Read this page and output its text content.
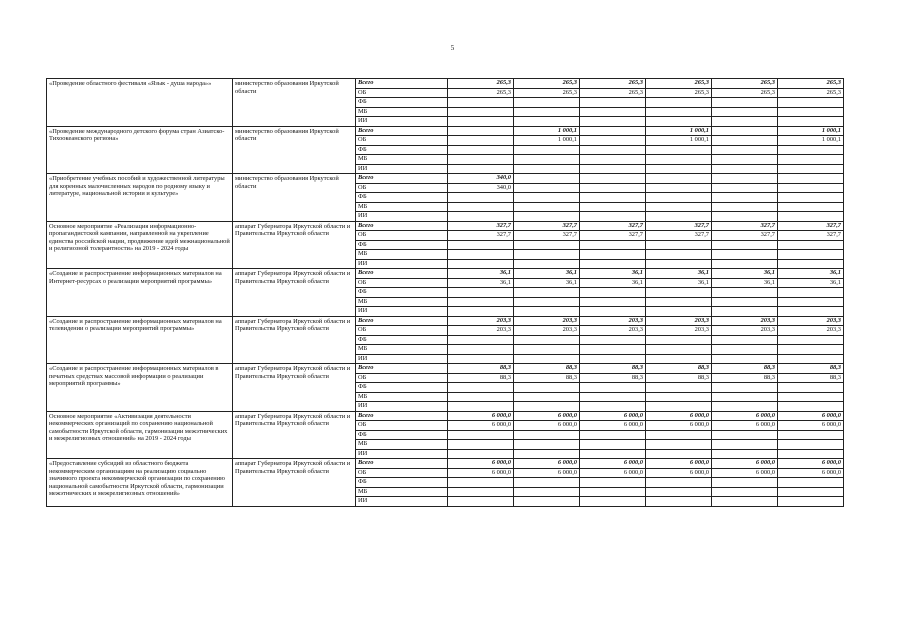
5
«Проведение областного фестиваля «Язык - душа народа»»	министерство образования Иркутской области	Всего	265,3	265,3	265,3	265,3	265,3	265,3
		ОБ	265,3	265,3	265,3	265,3	265,3	265,3
		ФБ						
		МБ						
		ИИ						
«Проведение международного детского форума стран Азиатско-Тихоокеанского региона»	министерство образования Иркутской области	Всего		1 000,1		1 000,1		1 000,1
		ОБ		1 000,1		1 000,1		1 000,1
		ФБ						
		МБ						
		ИИ						
«Приобретение учебных пособий и художественной литературы для коренных малочисленных народов по родному языку и литературе, национальной истории и культуре»	министерство образования Иркутской области	Всего	340,0					
		ОБ	340,0					
		ФБ						
		МБ						
		ИИ						
Основное мероприятие «Реализация информационно-пропагандистской кампании, направленной на укрепление единства российской нации, продвижение идей межнациональной и религиозной толерантности» на 2019 - 2024 годы	аппарат Губернатора Иркутской области и Правительства Иркутской области	Всего	327,7	327,7	327,7	327,7	327,7	327,7
		ОБ	327,7	327,7	327,7	327,7	327,7	327,7
		ФБ						
		МБ						
		ИИ						
«Создание и распространение информационных материалов на Интернет-ресурсах о реализации мероприятий программы»	аппарат Губернатора Иркутской области и Правительства Иркутской области	Всего	36,1	36,1	36,1	36,1	36,1	36,1
		ОБ	36,1	36,1	36,1	36,1	36,1	36,1
		ФБ						
		МБ						
		ИИ						
«Создание и распространение информационных материалов на телевидении о реализации мероприятий программы»	аппарат Губернатора Иркутской области и Правительства Иркутской области	Всего	203,3	203,3	203,3	203,3	203,3	203,3
		ОБ	203,3	203,3	203,3	203,3	203,3	203,3
		ФБ						
		МБ						
		ИИ						
«Создание и распространение информационных материалов в печатных средствах массовой информации о реализации мероприятий программы»	аппарат Губернатора Иркутской области и Правительства Иркутской области	Всего	88,3	88,3	88,3	88,3	88,3	88,3
		ОБ	88,3	88,3	88,3	88,3	88,3	88,3
		ФБ						
		МБ						
		ИИ						
Основное мероприятие «Активизация деятельности некоммерческих организаций по сохранению национальной самобытности Иркутской области, гармонизации межэтнических и межрелигиозных отношений» на 2019 - 2024 годы	аппарат Губернатора Иркутской области и Правительства Иркутской области	Всего	6 000,0	6 000,0	6 000,0	6 000,0	6 000,0	6 000,0
		ОБ	6 000,0	6 000,0	6 000,0	6 000,0	6 000,0	6 000,0
		ФБ						
		МБ						
		ИИ						
«Предоставление субсидий из областного бюджета некоммерческим организациям на реализацию социально значимого проекта некоммерческой организации по сохранению национальной самобытности Иркутской области, гармонизации межэтнических и межрелигиозных отношений»	аппарат Губернатора Иркутской области и Правительства Иркутской области	Всего	6 000,0	6 000,0	6 000,0	6 000,0	6 000,0	6 000,0
		ОБ	6 000,0	6 000,0	6 000,0	6 000,0	6 000,0	6 000,0
		ФБ						
		МБ						
		ИИ						
